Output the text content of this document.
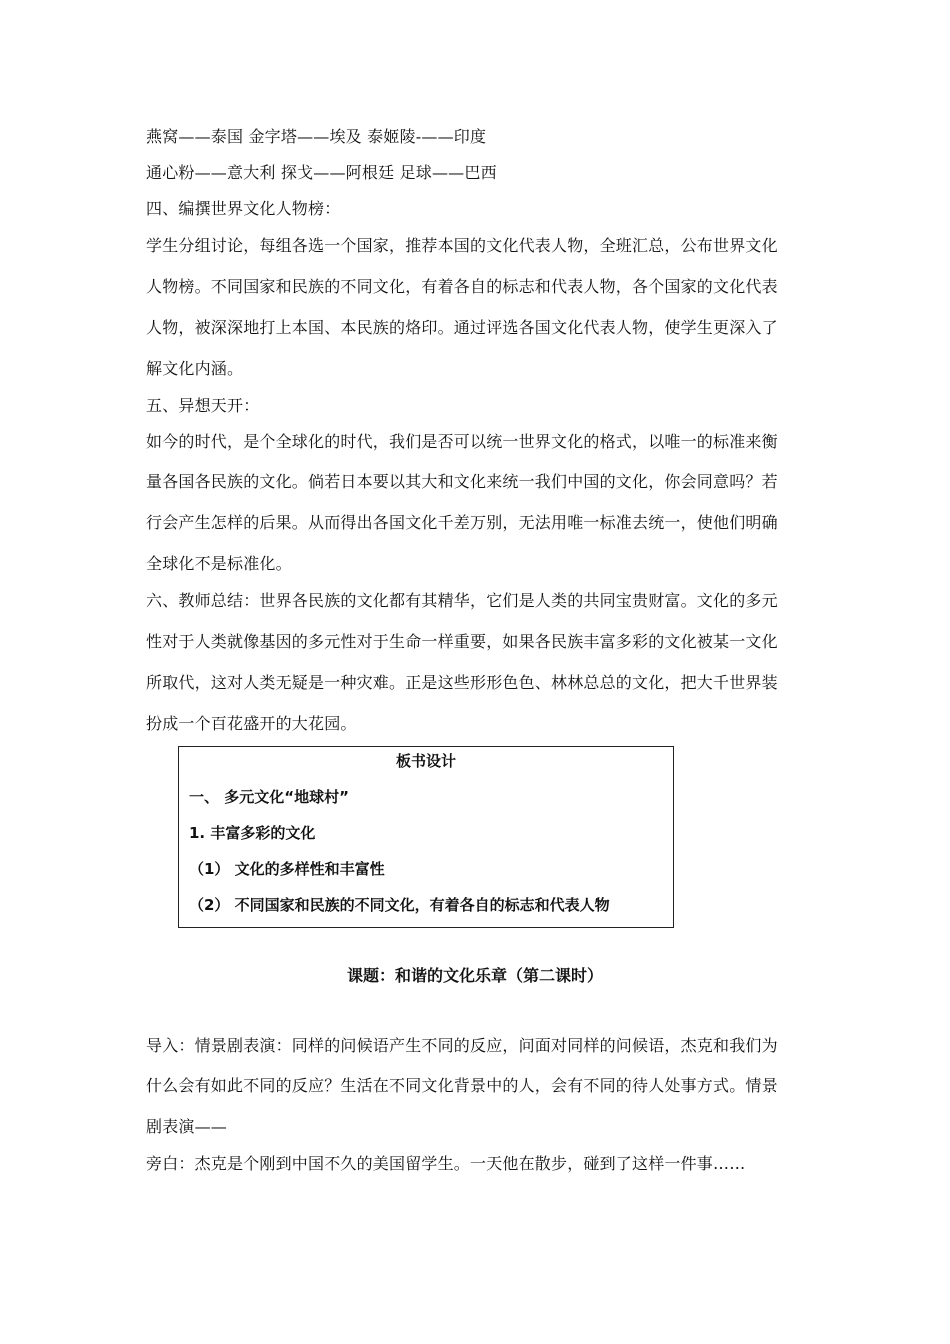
燕窝——泰国 金字塔——埃及 泰姬陵-——印度
通心粉——意大利 探戈——阿根廷 足球——巴西
四、编撰世界文化人物榜：
学生分组讨论，每组各选一个国家，推荐本国的文化代表人物，全班汇总，公布世界文化
人物榜。不同国家和民族的不同文化，有着各自的标志和代表人物，各个国家的文化代表
人物，被深深地打上本国、本民族的烙印。通过评选各国文化代表人物，使学生更深入了
解文化内涵。
五、异想天开：
如今的时代，是个全球化的时代，我们是否可以统一世界文化的格式，以唯一的标准来衡
量各国各民族的文化。倘若日本要以其大和文化来统一我们中国的文化，你会同意吗？若
行会产生怎样的后果。从而得出各国文化千差万别，无法用唯一标准去统一，使他们明确
全球化不是标准化。
六、教师总结：世界各民族的文化都有其精华，它们是人类的共同宝贵财富。文化的多元
性对于人类就像基因的多元性对于生命一样重要，如果各民族丰富多彩的文化被某一文化
所取代，这对人类无疑是一种灾难。正是这些形形色色、林林总总的文化，把大千世界装
扮成一个百花盛开的大花园。
板书设计
一、 多元文化“地球村”
1. 丰富多彩的文化
（1） 文化的多样性和丰富性
（2） 不同国家和民族的不同文化，有着各自的标志和代表人物
课题：和谐的文化乐章（第二课时）
导入：情景剧表演：同样的问候语产生不同的反应，问面对同样的问候语，杰克和我们为
什么会有如此不同的反应？生活在不同文化背景中的人，会有不同的待人处事方式。情景
剧表演——
旁白：杰克是个刚到中国不久的美国留学生。一天他在散步，碰到了这样一件事……
